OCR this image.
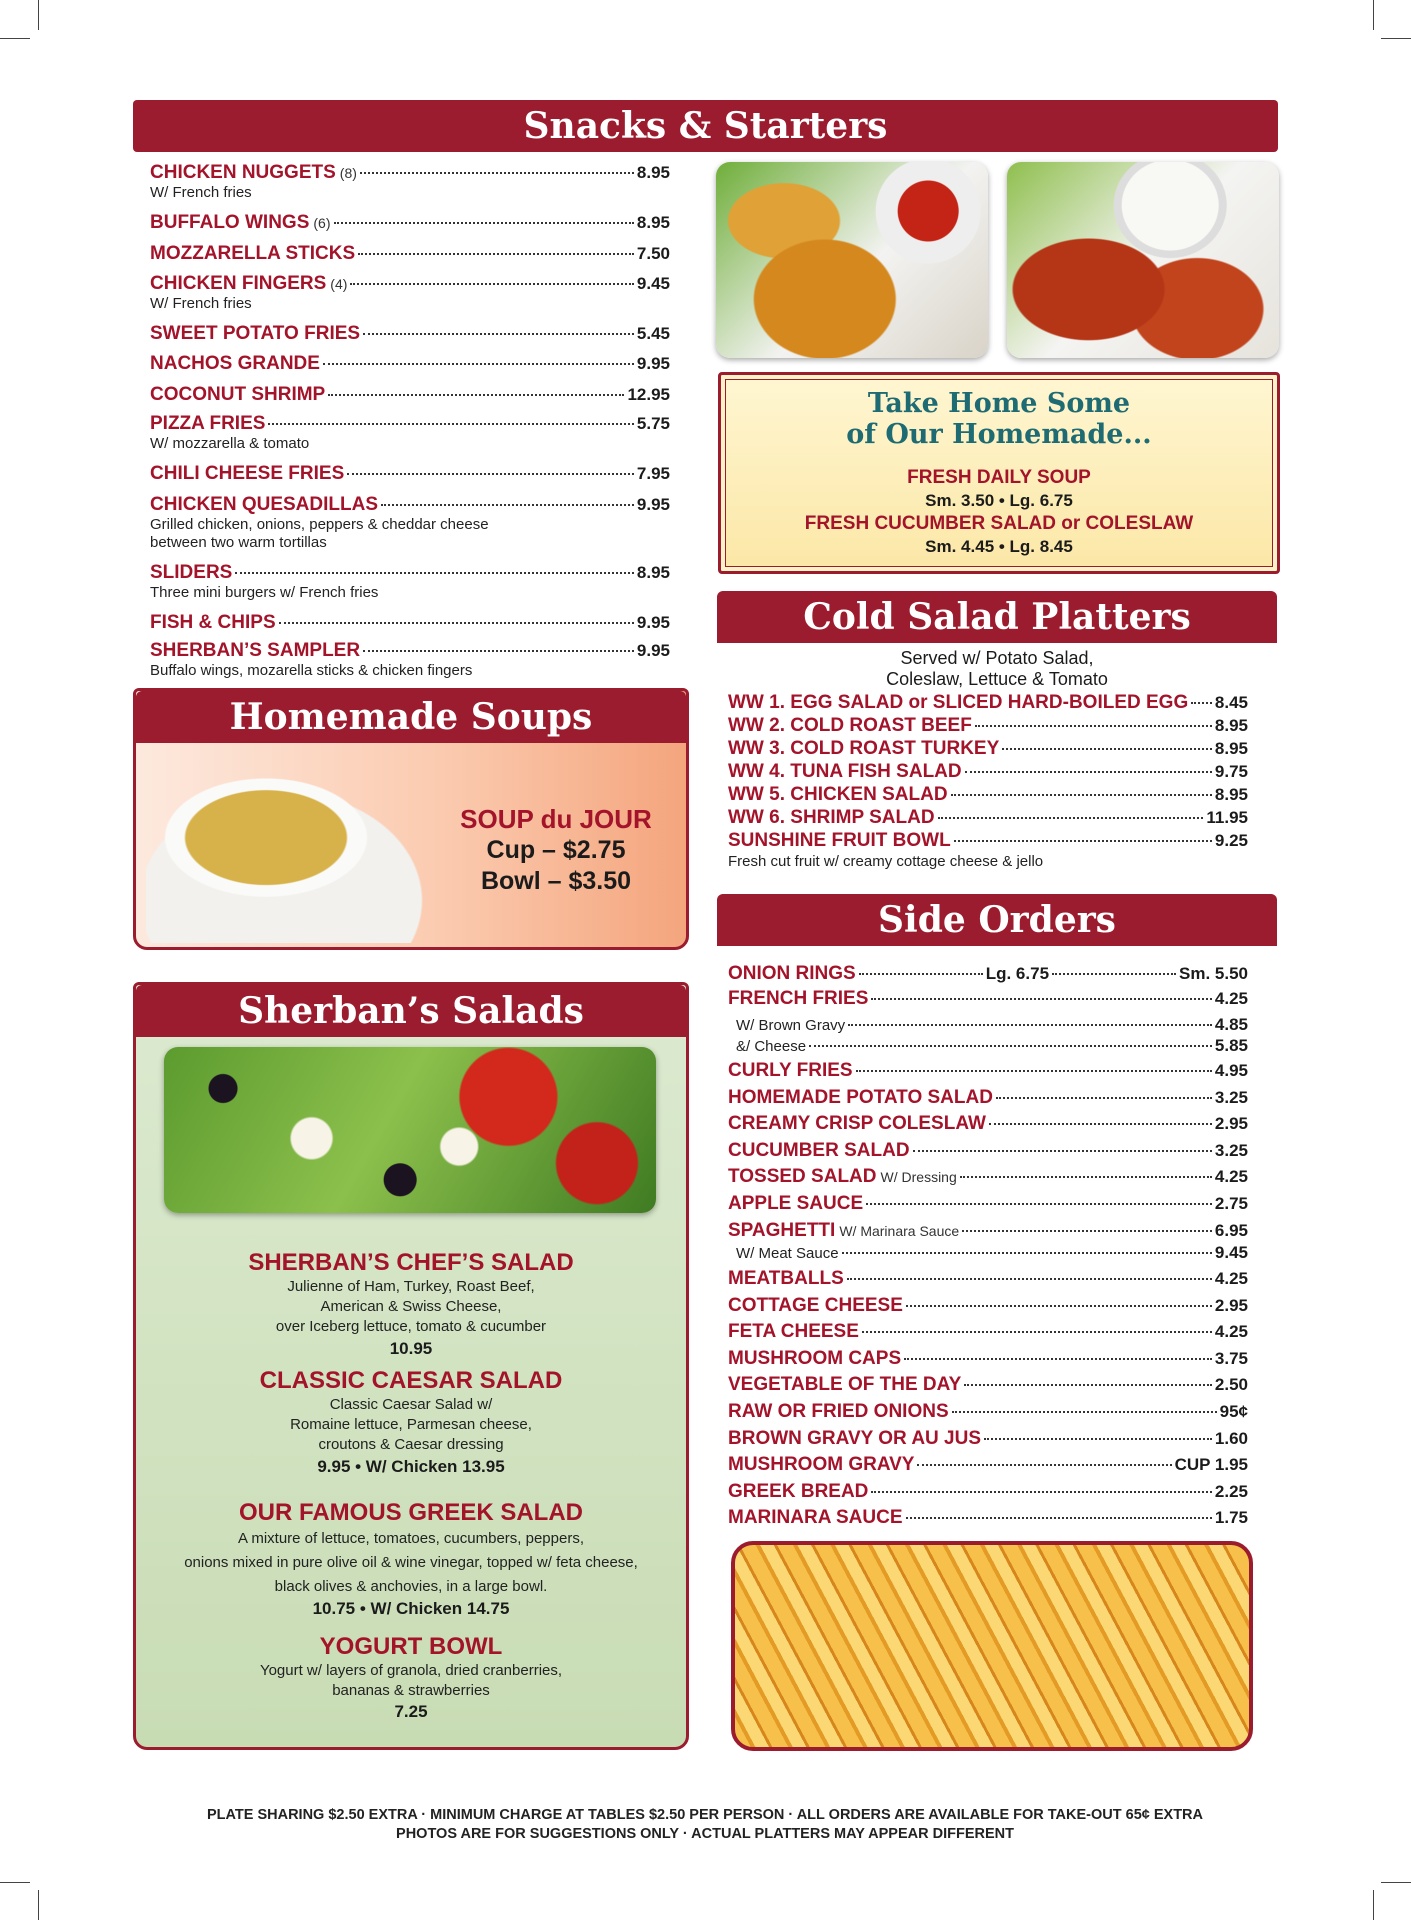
Snacks & Starters
CHICKEN NUGGETS (8)	8.95
W/ French fries
BUFFALO WINGS (6)	8.95
MOZZARELLA STICKS	7.50
CHICKEN FINGERS (4)	9.45
W/ French fries
SWEET POTATO FRIES	5.45
NACHOS GRANDE	9.95
COCONUT SHRIMP	12.95
PIZZA FRIES	5.75
W/ mozzarella & tomato
CHILI CHEESE FRIES	7.95
CHICKEN QUESADILLAS	9.95
Grilled chicken, onions, peppers & cheddar cheese
between two warm tortillas
SLIDERS	8.95
Three mini burgers w/ French fries
FISH & CHIPS	9.95
SHERBAN’S SAMPLER	9.95
Buffalo wings, mozarella sticks & chicken fingers
Take Home Some
of Our Homemade...
FRESH DAILY SOUP
Sm. 3.50 • Lg. 6.75
FRESH CUCUMBER SALAD or COLESLAW
Sm. 4.45 • Lg. 8.45
Cold Salad Platters
Served w/ Potato Salad,
Coleslaw, Lettuce & Tomato
WW 1. EGG SALAD or SLICED HARD-BOILED EGG 8.45
WW 2. COLD ROAST BEEF	8.95
WW 3. COLD ROAST TURKEY	8.95
WW 4. TUNA FISH SALAD	9.75
WW 5. CHICKEN SALAD	8.95
WW 6. SHRIMP SALAD	11.95
SUNSHINE FRUIT BOWL	9.25
Fresh cut fruit w/ creamy cottage cheese & jello
Side Orders
ONION RINGS	Lg. 6.75	Sm. 5.50
FRENCH FRIES	4.25
W/ Brown Gravy	4.85
&/ Cheese	5.85
CURLY FRIES	4.95
HOMEMADE POTATO SALAD	3.25
CREAMY CRISP COLESLAW	2.95
CUCUMBER SALAD	3.25
TOSSED SALAD W/ Dressing	4.25
APPLE SAUCE	2.75
SPAGHETTI W/ Marinara Sauce	6.95
W/ Meat Sauce	9.45
MEATBALLS	4.25
COTTAGE CHEESE	2.95
FETA CHEESE	4.25
MUSHROOM CAPS	3.75
VEGETABLE OF THE DAY	2.50
RAW OR FRIED ONIONS	95¢
BROWN GRAVY OR AU JUS	1.60
MUSHROOM GRAVY	CUP 1.95
GREEK BREAD	2.25
MARINARA SAUCE	1.75
Homemade Soups
SOUP du JOUR
Cup – $2.75
Bowl – $3.50
Sherban’s Salads
SHERBAN’S CHEF’S SALAD
Julienne of Ham, Turkey, Roast Beef,
American & Swiss Cheese,
over Iceberg lettuce, tomato & cucumber
10.95
CLASSIC CAESAR SALAD
Classic Caesar Salad w/
Romaine lettuce, Parmesan cheese,
croutons & Caesar dressing
9.95 • W/ Chicken 13.95
OUR FAMOUS GREEK SALAD
A mixture of lettuce, tomatoes, cucumbers, peppers,
onions mixed in pure olive oil & wine vinegar, topped w/ feta cheese,
black olives & anchovies, in a large bowl.
10.75 • W/ Chicken 14.75
YOGURT BOWL
Yogurt w/ layers of granola, dried cranberries,
bananas & strawberries
7.25
PLATE SHARING $2.50 EXTRA · MINIMUM CHARGE AT TABLES $2.50 PER PERSON · ALL ORDERS ARE AVAILABLE FOR TAKE-OUT 65¢ EXTRA
PHOTOS ARE FOR SUGGESTIONS ONLY · ACTUAL PLATTERS MAY APPEAR DIFFERENT
